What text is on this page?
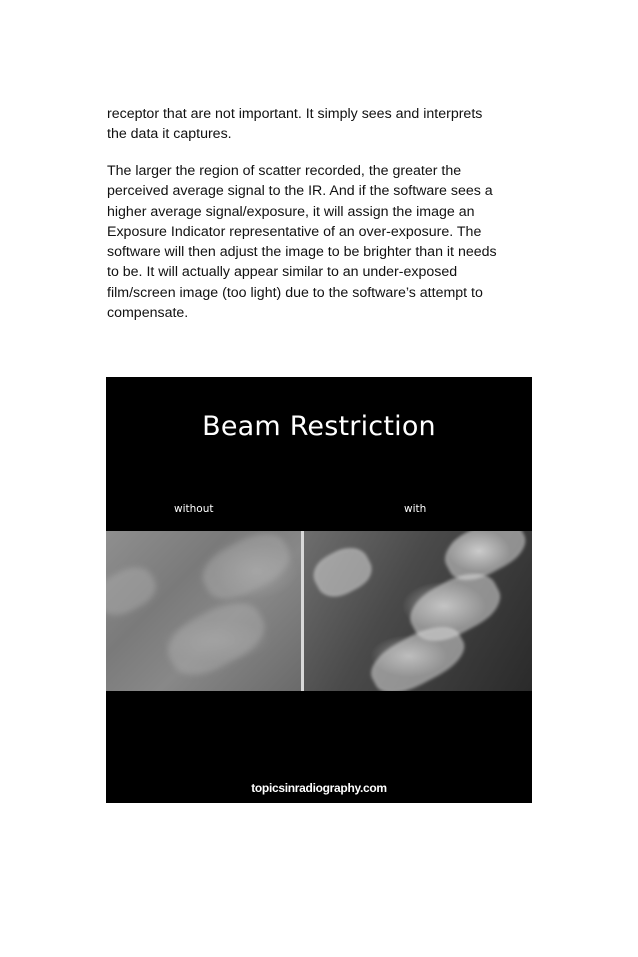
receptor that are not important. It simply sees and interprets
the data it captures.
The larger the region of scatter recorded, the greater the
perceived average signal to the IR. And if the software sees a
higher average signal/exposure, it will assign the image an
Exposure Indicator representative of an over-exposure. The
software will then adjust the image to be brighter than it needs
to be. It will actually appear similar to an under-exposed
film/screen image (too light) due to the software’s attempt to
compensate.
Beam Restriction
without	with
topicsinradiography.com
